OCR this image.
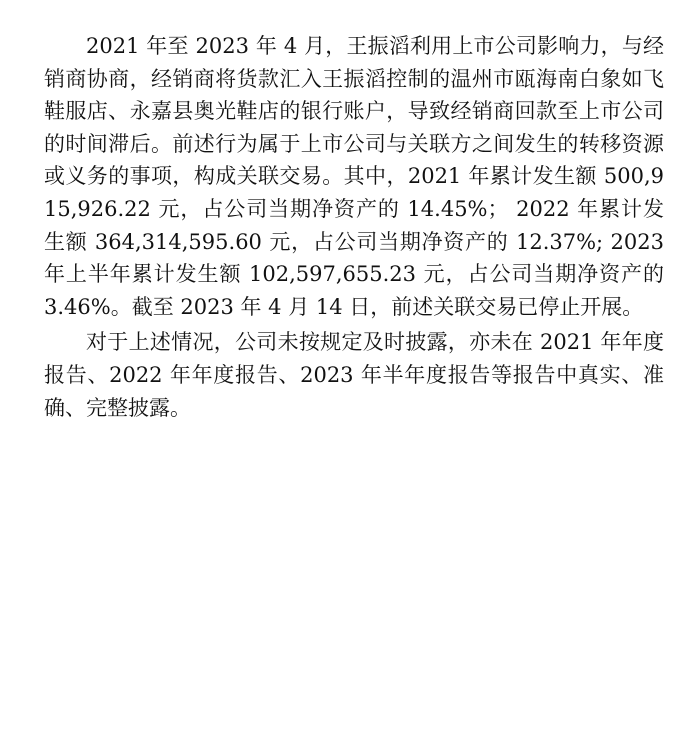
2021 年至 2023 年 4 月，王振滔利用上市公司影响力，与经销商协商，经销商将货款汇入王振滔控制的温州市瓯海南白象如飞鞋服店、永嘉县奥光鞋店的银行账户，导致经销商回款至上市公司的时间滞后。前述行为属于上市公司与关联方之间发生的转移资源或义务的事项，构成关联交易。其中，2021 年累计发生额 500,915,926.22 元，占公司当期净资产的 14.45%； 2022 年累计发生额 364,314,595.60 元，占公司当期净资产的 12.37%; 2023 年上半年累计发生额 102,597,655.23 元，占公司当期净资产的 3.46%。截至 2023 年 4 月 14 日，前述关联交易已停止开展。

对于上述情况，公司未按规定及时披露，亦未在 2021 年年度报告、2022 年年度报告、2023 年半年度报告等报告中真实、准确、完整披露。
